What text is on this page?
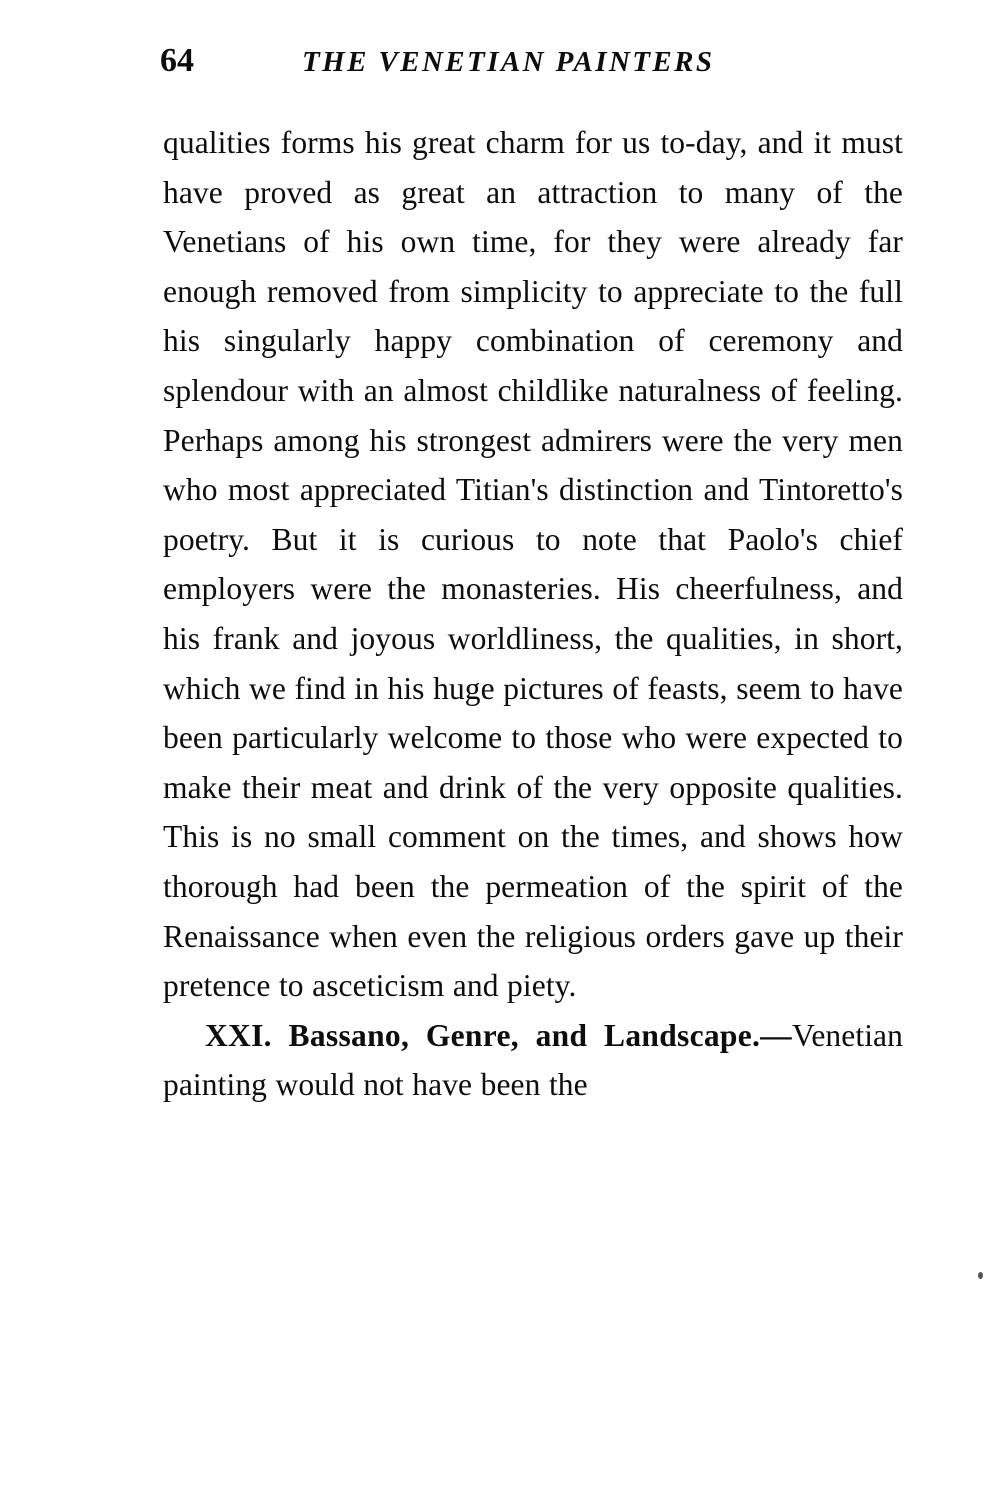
64	THE VENETIAN PAINTERS

qualities forms his great charm for us to-day, and it must have proved as great an attraction to many of the Venetians of his own time, for they were already far enough removed from simplicity to appreciate to the full his singularly happy combination of ceremony and splendour with an almost childlike naturalness of feeling. Perhaps among his strongest admirers were the very men who most appreciated Titian's distinction and Tintoretto's poetry. But it is curious to note that Paolo's chief employers were the monasteries. His cheerfulness, and his frank and joyous worldliness, the qualities, in short, which we find in his huge pictures of feasts, seem to have been particularly welcome to those who were expected to make their meat and drink of the very opposite qualities. This is no small comment on the times, and shows how thorough had been the permeation of the spirit of the Renaissance when even the religious orders gave up their pretence to asceticism and piety.

XXI. Bassano, Genre, and Landscape.—Venetian painting would not have been the
